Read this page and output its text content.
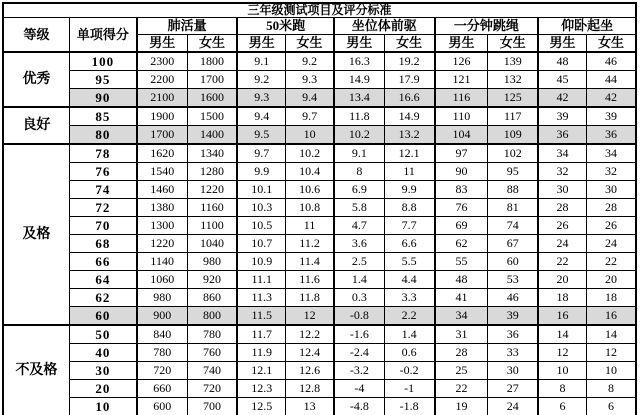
三年级测试项目及评分标准											
等级	单项得分	肺活量		50米跑		坐位体前驱		一分钟跳绳		仰卧起坐	
		男生	女生	男生	女生	男生	女生	男生	女生	男生	女生
优秀	100	2300	1800	9.1	9.2	16.3	19.2	126	139	48	46
	95	2200	1700	9.2	9.3	14.9	17.9	121	132	45	44
	90	2100	1600	9.3	9.4	13.4	16.6	116	125	42	42
良好	85	1900	1500	9.4	9.7	11.8	14.9	110	117	39	39
	80	1700	1400	9.5	10	10.2	13.2	104	109	36	36
及格	78	1620	1340	9.7	10.2	9.1	12.1	97	102	34	34
	76	1540	1280	9.9	10.4	8	11	90	95	32	32
	74	1460	1220	10.1	10.6	6.9	9.9	83	88	30	30
	72	1380	1160	10.3	10.8	5.8	8.8	76	81	28	28
	70	1300	1100	10.5	11	4.7	7.7	69	74	26	26
	68	1220	1040	10.7	11.2	3.6	6.6	62	67	24	24
	66	1140	980	10.9	11.4	2.5	5.5	55	60	22	22
	64	1060	920	11.1	11.6	1.4	4.4	48	53	20	20
	62	980	860	11.3	11.8	0.3	3.3	41	46	18	18
	60	900	800	11.5	12	-0.8	2.2	34	39	16	16
不及格	50	840	780	11.7	12.2	-1.6	1.4	31	36	14	14
	40	780	760	11.9	12.4	-2.4	0.6	28	33	12	12
	30	720	740	12.1	12.6	-3.2	-0.2	25	30	10	10
	20	660	720	12.3	12.8	-4	-1	22	27	8	8
	10	600	700	12.5	13	-4.8	-1.8	19	24	6	6
